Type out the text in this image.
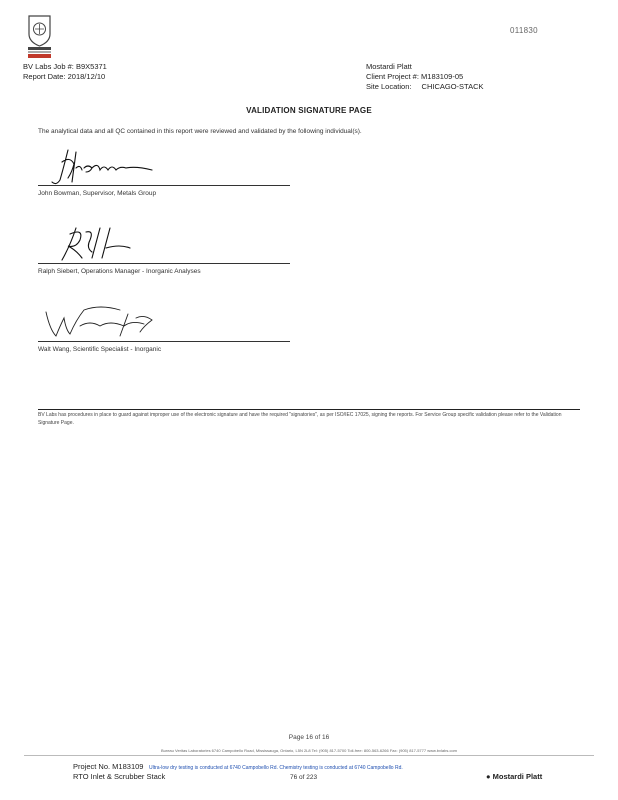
011830
BV Labs Job #: B9X5371
Report Date: 2018/12/10
Mostardi Platt
Client Project #: M183109-05
Site Location: CHICAGO-STACK
VALIDATION SIGNATURE PAGE
The analytical data and all QC contained in this report were reviewed and validated by the following individual(s).
John Bowman, Supervisor, Metals Group
Ralph Siebert, Operations Manager - Inorganic Analyses
Walt Wang, Scientific Specialist - Inorganic
BV Labs has procedures in place to guard against improper use of the electronic signature and have the required "signatories", as per ISO/IEC 17025, signing the reports. For Service Group specific validation please refer to the Validation Signature Page.
Page 16 of 16
Bureau Veritas Laboratories 6740 Campobello Road, Mississauga, Ontario, L5N 2L8 Tel: (905) 817-5700 Toll-free: 800-563-6266 Fax: (905) 817-5777 www.bvlabs.com
Project No. M183109
RTO Inlet & Scrubber Stack
Ultra-low dry testing is conducted at 6740 Campobello Rd. Chemistry testing is conducted at 6740 Campobello Rd.
76 of 223	● Mostardi Platt
